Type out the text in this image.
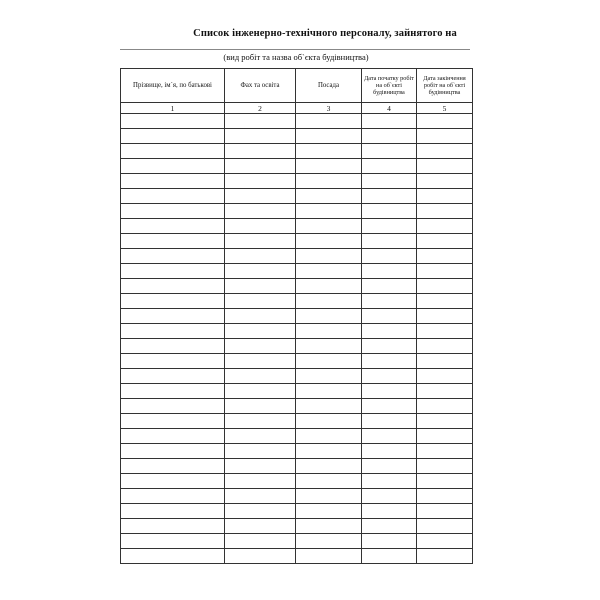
Список інженерно-технічного персоналу, зайнятого на
(вид робіт та назва об`єкта будівництва)
Прізвище, ім`я, по батькові	Фах та освіта	Посада	Дата початку робіт на об`єкті будівництва	Дата закінчення робіт на об`єкті будівництва
1	2	3	4	5
